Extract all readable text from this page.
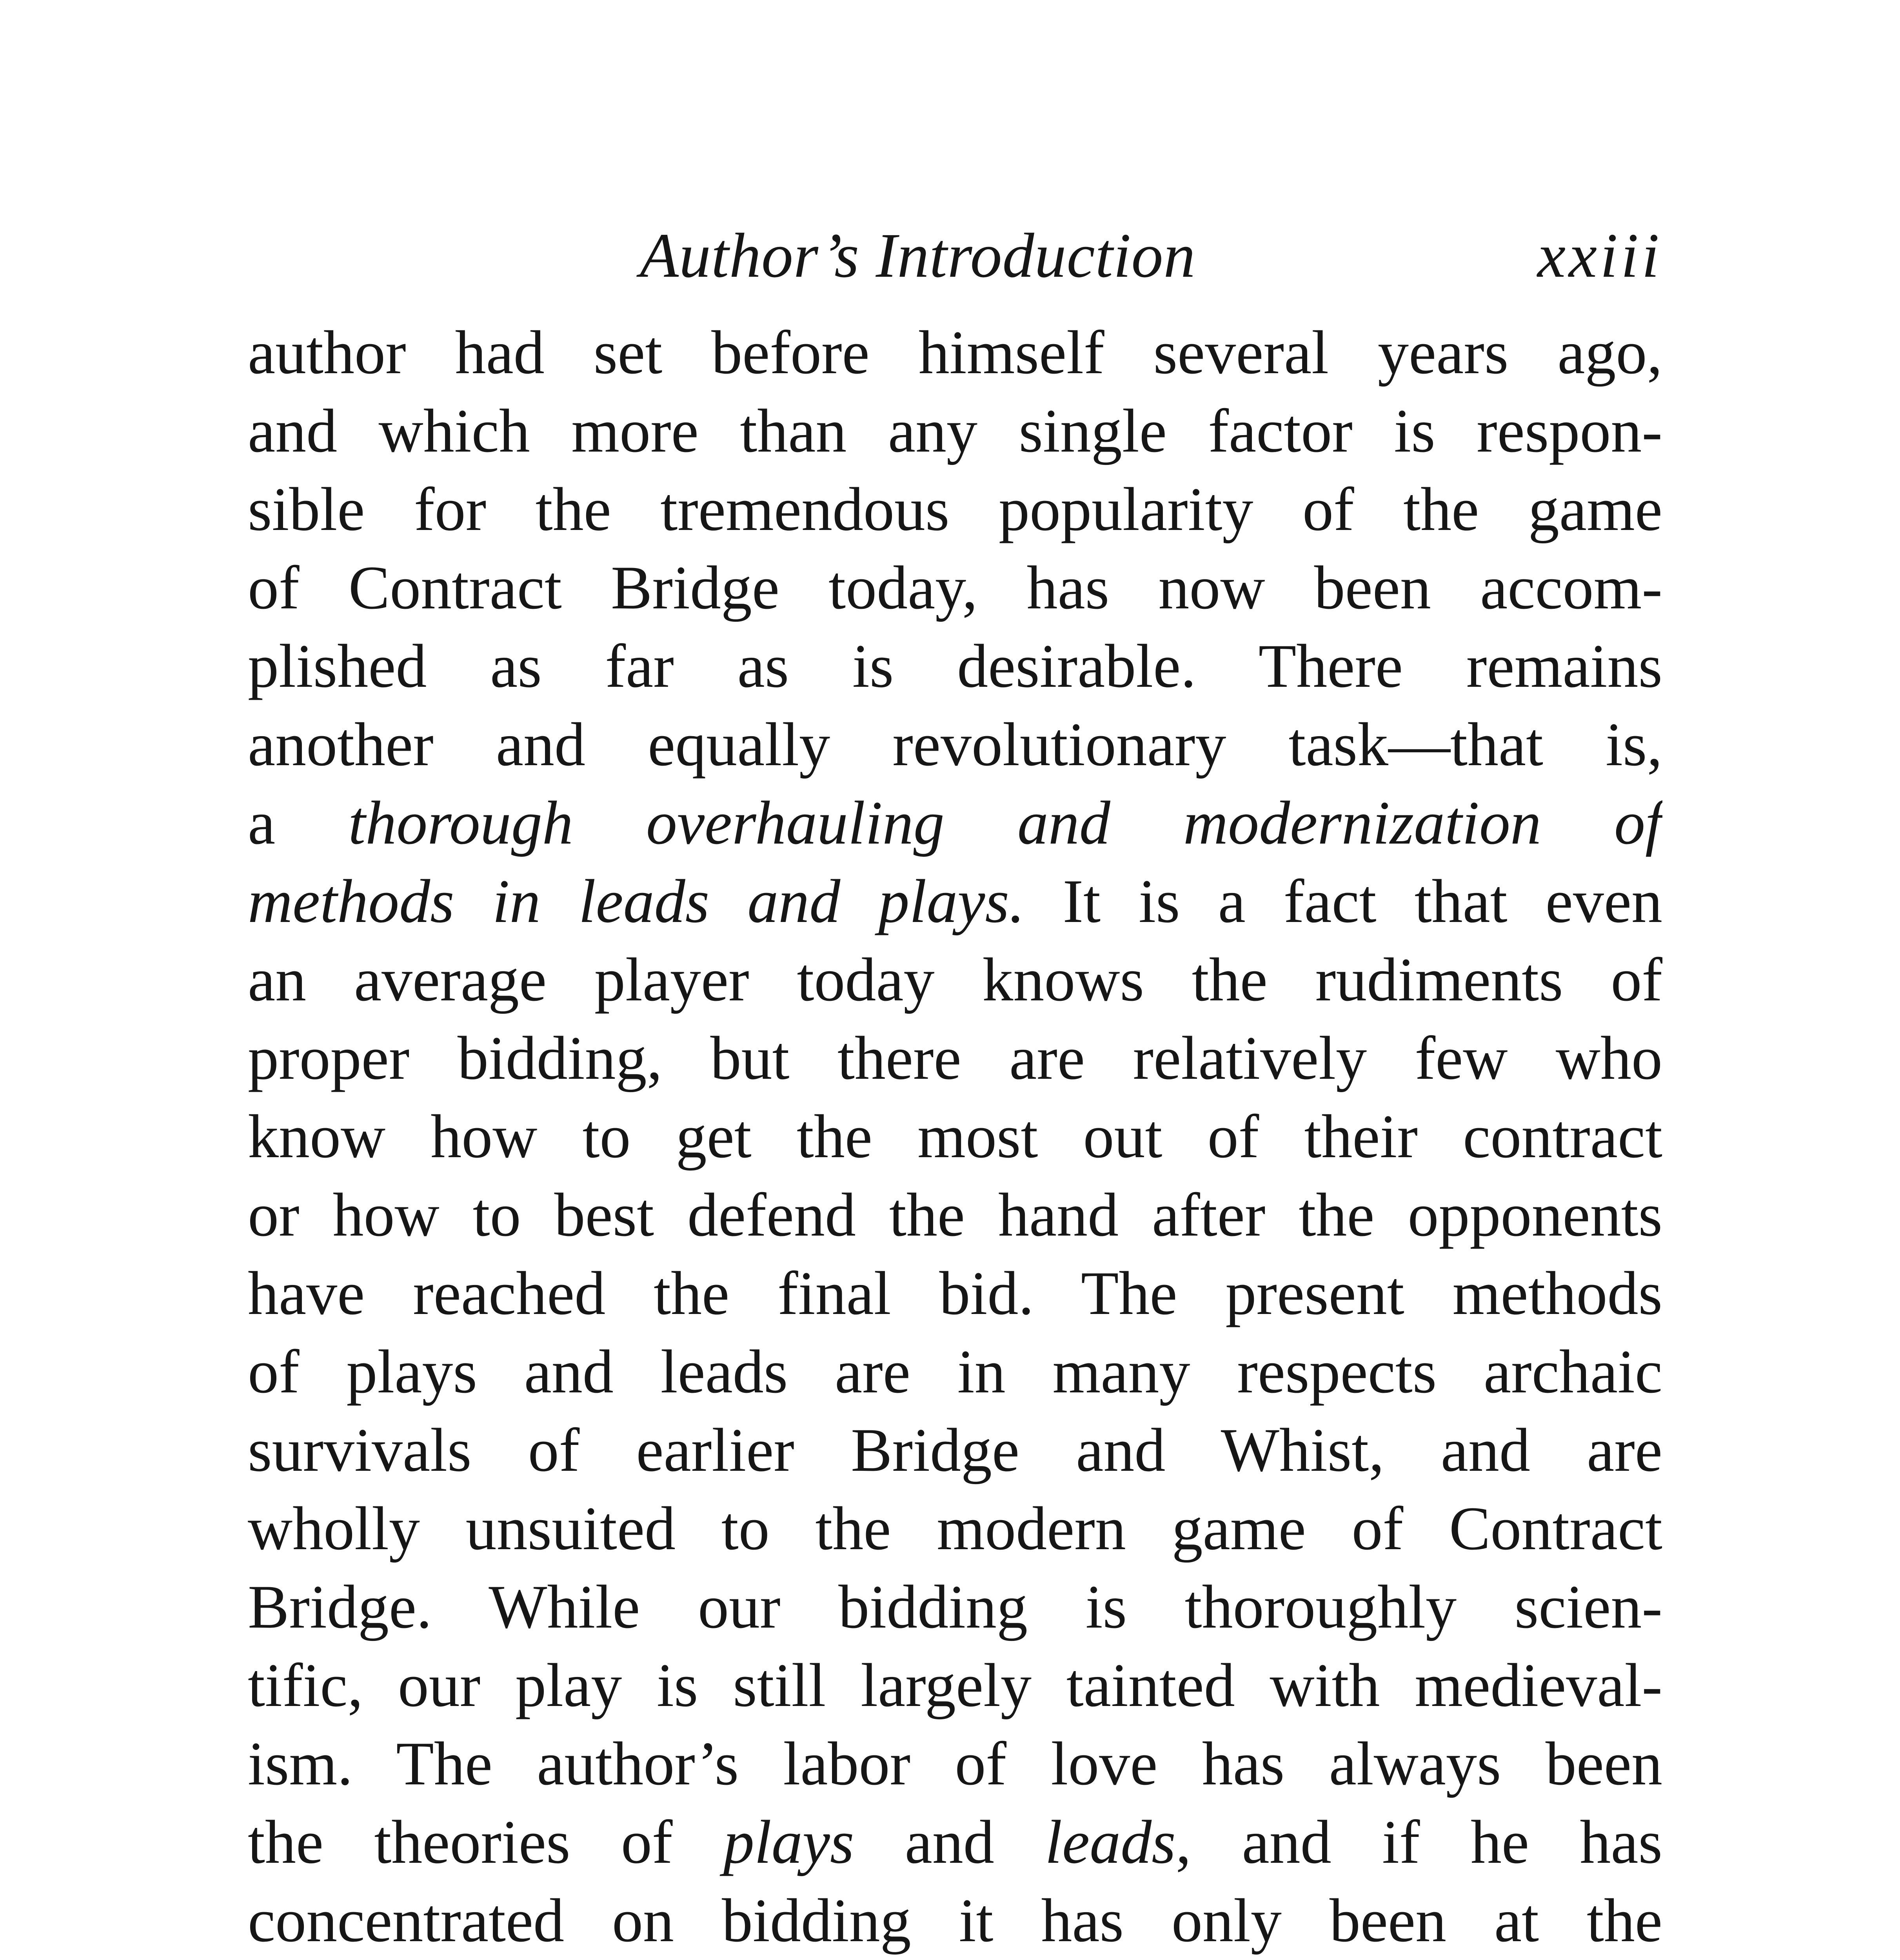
Author’s Introduction	xxiii
author had set before himself several years ago,
and which more than any single factor is respon-
sible for the tremendous popularity of the game
of Contract Bridge today, has now been accom-
plished as far as is desirable. There remains
another and equally revolutionary task—that is,
a thorough overhauling and modernization of
methods in leads and plays. It is a fact that even
an average player today knows the rudiments of
proper bidding, but there are relatively few who
know how to get the most out of their contract
or how to best defend the hand after the opponents
have reached the final bid. The present methods
of plays and leads are in many respects archaic
survivals of earlier Bridge and Whist, and are
wholly unsuited to the modern game of Contract
Bridge. While our bidding is thoroughly scien-
tific, our play is still largely tainted with medieval-
ism. The author’s labor of love has always been
the theories of plays and leads, and if he has
concentrated on bidding it has only been at the
